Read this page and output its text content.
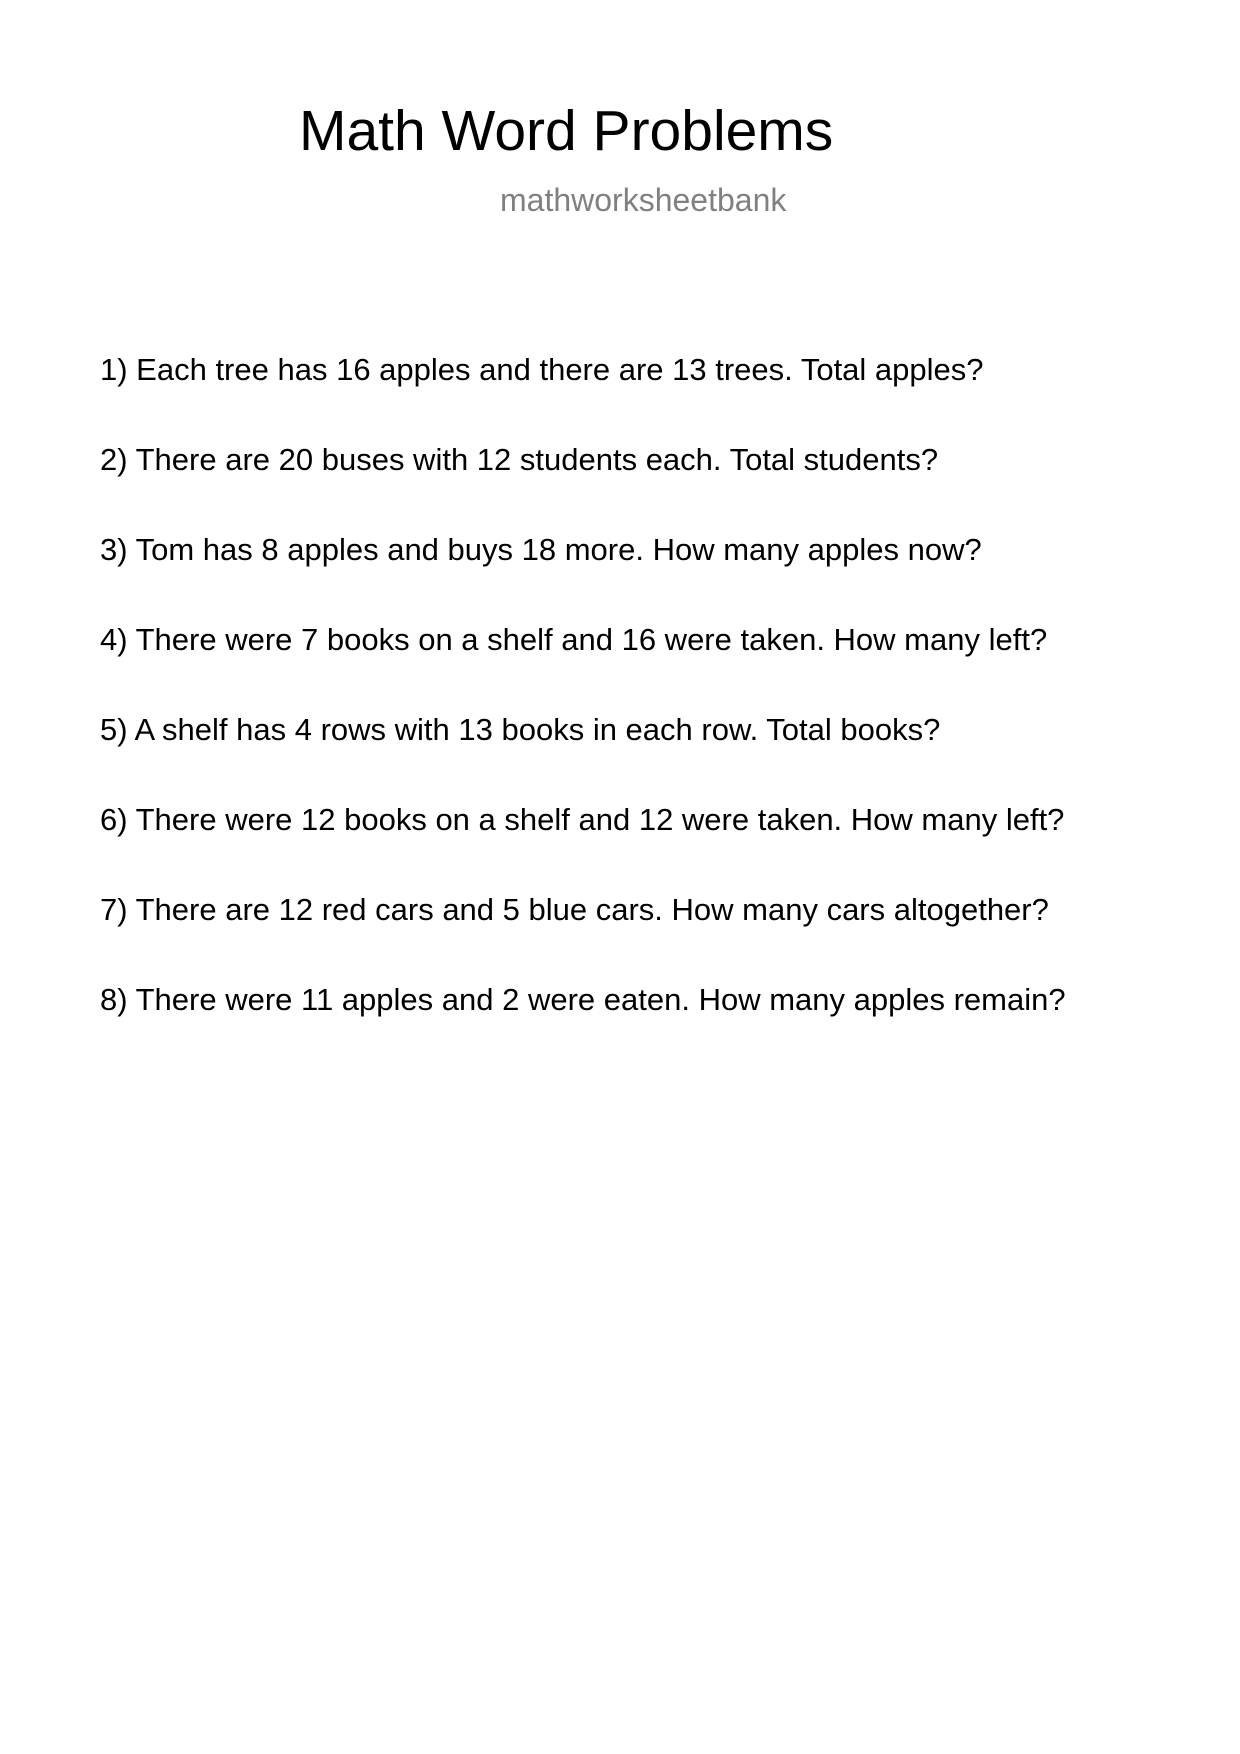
Math Word Problems
mathworksheetbank
1) Each tree has 16 apples and there are 13 trees. Total apples?
2) There are 20 buses with 12 students each. Total students?
3) Tom has 8 apples and buys 18 more. How many apples now?
4) There were 7 books on a shelf and 16 were taken. How many left?
5) A shelf has 4 rows with 13 books in each row. Total books?
6) There were 12 books on a shelf and 12 were taken. How many left?
7) There are 12 red cars and 5 blue cars. How many cars altogether?
8) There were 11 apples and 2 were eaten. How many apples remain?
